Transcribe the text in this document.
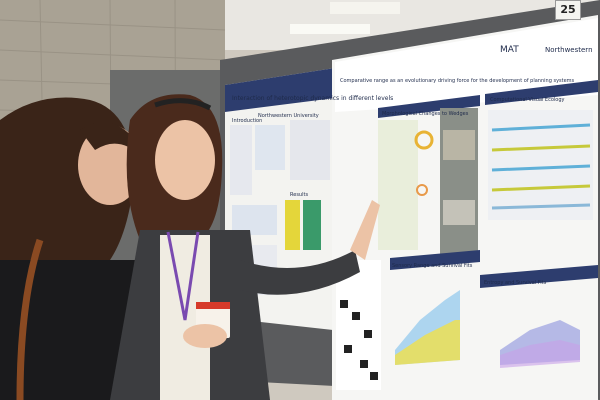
Interaction of heterotopic dynamics in different levels
Northwestern University
Introduction
Results
Comparative range as an evolutionary driving force for the development of planning systems
Northwestern
MAT
Morphological Changes to Wedges
Computational Visual Ecology
Entropy and Survival Fits
Sensory Range and Survival Fits
25
